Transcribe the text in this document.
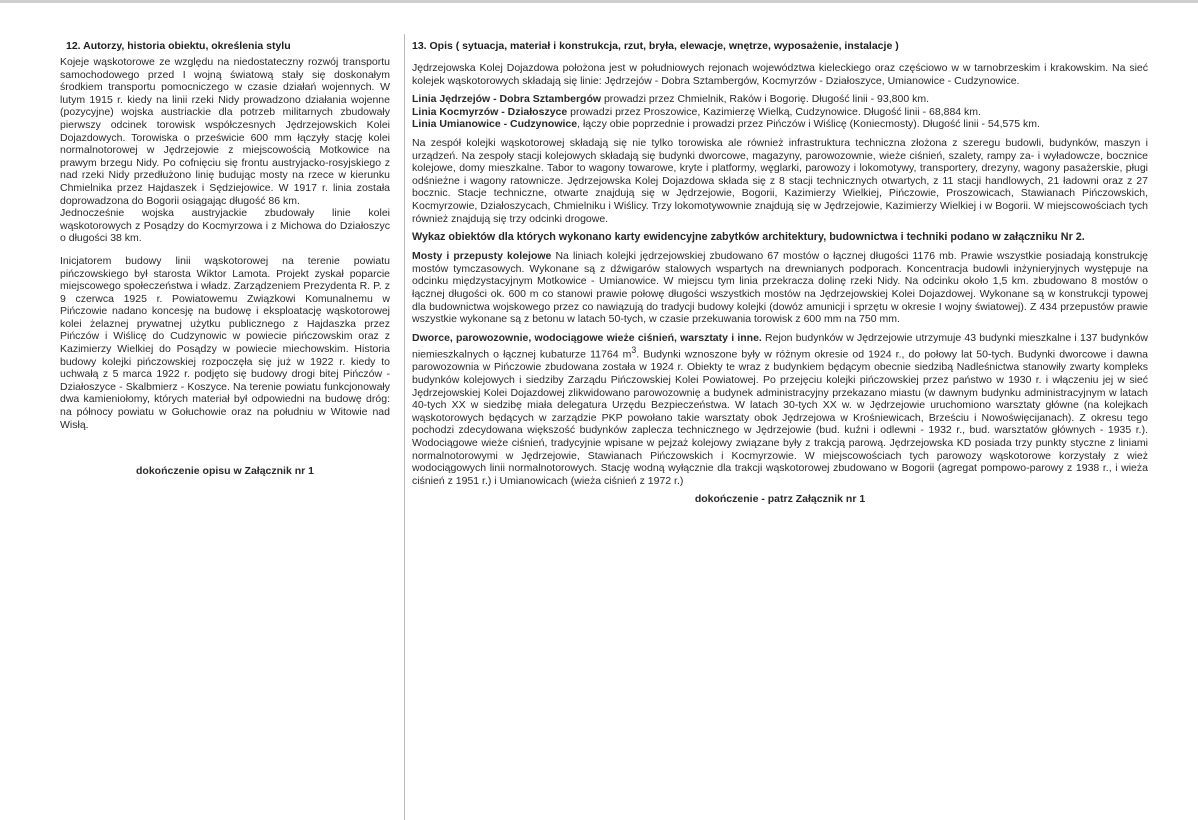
12. Autorzy, historia obiektu, określenia stylu

Kojeje wąskotorowe ze względu na niedostateczny rozwój transportu samochodowego przed I wojną światową stały się doskonałym środkiem transportu pomocniczego w czasie działań wojennych. W lutym 1915 r. kiedy na linii rzeki Nidy prowadzono działania wojenne (pozycyjne) wojska austriackie dla potrzeb militarnych zbudowały pierwszy odcinek torowisk współczesnych Jędrzejowskich Kolei Dojazdowych. Torowiska o prześwicie 600 mm łączyły stację kolei normalnotorowej w Jędrzejowie z miejscowością Motkowice na prawym brzegu Nidy. Po cofnięciu się frontu austryjacko-rosyjskiego z nad rzeki Nidy przedłużono linię budując mosty na rzece w kierunku Chmielnika przez Hajdaszek i Sędziejowice. W 1917 r. linia została doprowadzona do Bogorii osiągając długość 86 km.

Jednocześnie wojska austryjackie zbudowały linie kolei wąskotorowych z Posądzy do Kocmyrzowa i z Michowa do Działoszyc o długości 38 km.

Inicjatorem budowy linii wąskotorowej na terenie powiatu pińczowskiego był starosta Wiktor Lamota. Projekt zyskał poparcie miejscowego społeczeństwa i władz. Zarządzeniem Prezydenta R. P. z 9 czerwca 1925 r. Powiatowemu Związkowi Komunalnemu w Pińczowie nadano koncesję na budowę i eksploatację wąskotorowej kolei żelaznej prywatnej użytku publicznego z Hajdaszka przez Pińczów i Wiślicę do Cudzynowic w powiecie pińczowskim oraz z Kazimierzy Wielkiej do Posądzy w powiecie miechowskim. Historia budowy kolejki pińczowskiej rozpoczęła się już w 1922 r. kiedy to uchwałą z 5 marca 1922 r. podjęto się budowy drogi bitej Pińczów - Działoszyce - Skalbmierz - Koszyce. Na terenie powiatu funkcjonowały dwa kamieniołomy, których materiał był odpowiedni na budowę dróg: na północy powiatu w Gołuchowie oraz na południu w Witowie nad Wisłą.

dokończenie opisu w Załącznik nr 1

13. Opis ( sytuacja, materiał i konstrukcja, rzut, bryła, elewacje, wnętrze, wyposażenie, instalacje )

Jędrzejowska Kolej Dojazdowa położona jest w południowych rejonach województwa kieleckiego oraz częściowo w w tarnobrzeskim i krakowskim. Na sieć kolejek wąskotorowych składają się linie: Jędrzejów - Dobra Sztambergów, Kocmyrzów - Działoszyce, Umianowice - Cudzynowice.

Linia Jędrzejów - Dobra Sztambergów prowadzi przez Chmielnik, Raków i Bogorię. Długość linii - 93,800 km.

Linia Kocmyrzów - Działoszyce prowadzi przez Proszowice, Kazimierzę Wielką, Cudzynowice. Długość linii - 68,884 km.

Linia Umianowice - Cudzynowice, łączy obie poprzednie i prowadzi przez Pińczów i Wiślicę (Koniecmosty). Długość linii - 54,575 km.

Na zespół kolejki wąskotorowej składają się nie tylko torowiska ale również infrastruktura techniczna złożona z szeregu budowli, budynków, maszyn i urządzeń. Na zespoły stacji kolejowych składają się budynki dworcowe, magazyny, parowozownie, wieże ciśnień, szalety, rampy za- i wyładowcze, bocznice kolejowe, domy mieszkalne. Tabor to wagony towarowe, kryte i platformy, węglarki, parowozy i lokomotywy, transportery, drezyny, wagony pasażerskie, pługi odśnieżne i wagony ratownicze. Jędrzejowska Kolej Dojazdowa składa się z 8 stacji technicznych otwartych, z 11 stacji handlowych, 21 ładowni oraz z 27 bocznic. Stacje techniczne, otwarte znajdują się w Jędrzejowie, Bogorii, Kazimierzy Wielkiej, Pińczowie, Proszowicach, Stawianach Pińczowskich, Kocmyrzowie, Działoszycach, Chmielniku i Wiślicy. Trzy lokomotywownie znajdują się w Jędrzejowie, Kazimierzy Wielkiej i w Bogorii. W miejscowościach tych również znajdują się trzy odcinki drogowe.

Wykaz obiektów dla których wykonano karty ewidencyjne zabytków architektury, budownictwa i techniki podano w załączniku Nr 2.

Mosty i przepusty kolejowe Na liniach kolejki jędrzejowskiej zbudowano 67 mostów o łącznej długości 1176 mb. Prawie wszystkie posiadają konstrukcję mostów tymczasowych. Wykonane są z dźwigarów stalowych wspartych na drewnianych podporach. Koncentracja budowli inżynieryjnych występuje na odcinku międzystacyjnym Motkowice - Umianowice. W miejscu tym linia przekracza dolinę rzeki Nidy. Na odcinku około 1,5 km. zbudowano 8 mostów o łącznej długości ok. 600 m co stanowi prawie połowę długości wszystkich mostów na Jędrzejowskiej Kolei Dojazdowej. Wykonane są w konstrukcji typowej dla budownictwa wojskowego przez co nawiązują do tradycji budowy kolejki (dowóz amunicji i sprzętu w okresie I wojny światowej). Z 434 przepustów prawie wszystkie wykonane są z betonu w latach 50-tych, w czasie przekuwania torowisk z 600 mm na 750 mm.

Dworce, parowozownie, wodociągowe wieże ciśnień, warsztaty i inne. Rejon budynków w Jędrzejowie utrzymuje 43 budynki mieszkalne i 137 budynków niemieszkalnych o łącznej kubaturze 11764 $m^3$. Budynki wznoszone były w różnym okresie od 1924 r., do połowy lat 50-tych. Budynki dworcowe i dawna parowozownia w Pińczowie zbudowana została w 1924 r. Obiekty te wraz z budynkiem będącym obecnie siedzibą Nadleśnictwa stanowiły zwarty kompleks budynków kolejowych i siedziby Zarządu Pińczowskiej Kolei Powiatowej. Po przejęciu kolejki pińczowskiej przez państwo w 1930 r. i włączeniu jej w sieć Jędrzejowskiej Kolei Dojazdowej zlikwidowano parowozownię a budynek administracyjny przekazano miastu (w dawnym budynku administracyjnym w latach 40-tych XX w siedzibę miała delegatura Urzędu Bezpieczeństwa. W latach 30-tych XX w. w Jędrzejowie uruchomiono warsztaty główne (na kolejkach wąskotorowych będących w zarządzie PKP powołano takie warsztaty obok Jędrzejowa w Krośniewicach, Brześciu i Nowoświęcijanach). Z okresu tego pochodzi zdecydowana większość budynków zaplecza technicznego w Jędrzejowie (bud. kuźni i odlewni - 1932 r., bud. warsztatów głównych - 1935 r.). Wodociągowe wieże ciśnień, tradycyjnie wpisane w pejzaż kolejowy związane były z trakcją parową. Jędrzejowska KD posiada trzy punkty styczne z liniami normalnotorowymi w Jędrzejowie, Stawianach Pińczowskich i Kocmyrzowie. W miejscowościach tych parowozy wąskotorowe korzystały z wież wodociągowych linii normalnotorowych. Stację wodną wyłącznie dla trakcji wąskotorowej zbudowano w Bogorii (agregat pompowo-parowy z 1938 r., i wieża ciśnień z 1951 r.) i Umianowicach (wieża ciśnień z 1972 r.)

dokończenie - patrz Załącznik nr 1
